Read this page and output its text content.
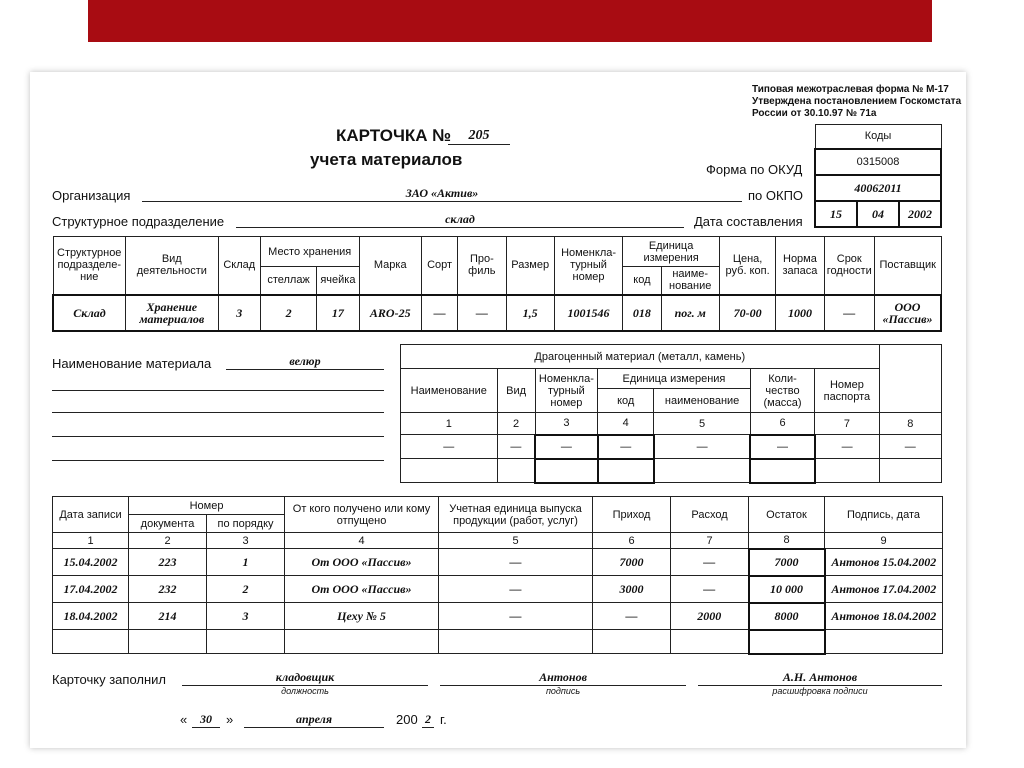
Типовая межотраслевая форма № М-17
Утверждена постановлением Госкомстата
России от 30.10.97 № 71а
КАРТОЧКА №	205
учета материалов
Коды
0315008
40062011
15	04	2002
Форма по ОКУД
Организация	ЗАО «Актив»	по ОКПО
Структурное подразделение	склад	Дата составления
Структурное подразделе-ние	Вид деятельности	Склад	Место хранения		Марка	Сорт	Про-филь	Размер	Номенкла-турный номер	Единица измерения		Цена, руб. коп.	Норма запаса	Срок годности	Поставщик
			стеллаж	ячейка						код	наиме-нование				
Склад	Хранение материалов	3	2	17	ARO-25	—	—	1,5	1001546	018	пог. м	70-00	1000	—	ООО «Пассив»
Наименование материала	велюр	Драгоценный материал (металл, камень)							
Наименование	Вид	Номенкла-турный номер	Единица измерения		Коли-чество (масса)	Номер паспорта	
			код	наименование			
1	2	3	4	5	6	7	8
—	—	—	—	—	—	—	—

Дата записи	Номер		От кого получено или кому отпущено	Учетная единица выпуска продукции (работ, услуг)	Приход	Расход	Остаток	Подпись, дата
	документа	по порядку						
1	2	3	4	5	6	7	8	9
15.04.2002	223	1	От ООО «Пассив»	—	7000	—	7000	Антонов 15.04.2002
17.04.2002	232	2	От ООО «Пассив»	—	3000	—	10 000	Антонов 17.04.2002
18.04.2002	214	3	Цеху № 5	—	—	2000	8000	Антонов 18.04.2002

Карточку заполнил	кладовщик
должность
Антонов
подпись
А.Н. Антонов
расшифровка подписи
«	30	»	апреля	200 2 г.
